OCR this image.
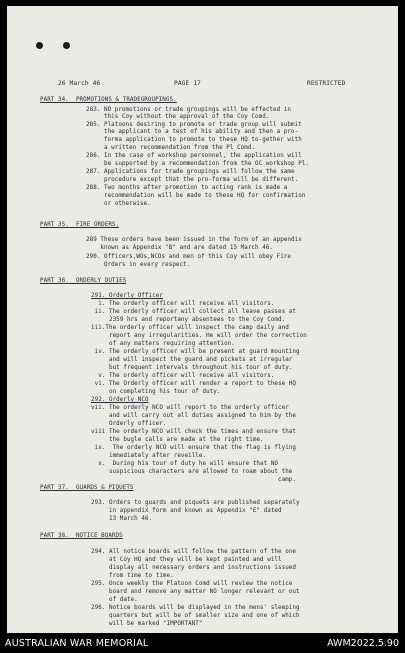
26 March 46	PAGE 17	RESTRICTED
PART 34.  PROMOTIONS & TRADEGROUPINGS.
283. NO promotions or trade groupings will be effected in
this Coy without the approval of the Coy Comd.
285. Platoons desiring to promote or trade group will submit
the applicant to a test of his ability and then a pro-
forma application to promote to these HQ to-gether with
a written recommendation from the Pl Comd.
286. In the case of workshop personnel, the application will
be supported by a recommendation from the OC workshop Pl.
287. Applications for trade groupings will follow the same
procedure except that the pro-forma will be different.
288. Two months after promotion to acting rank is made a
recommendation will be made to these HQ for confirmation
or otherwise.
PART 35.  FIRE ORDERS.
289 These orders have been issued in the form of an appendix
known as Appendix "B" and are dated 15 March 46.
290. Officers,WOs,NCOs and men of this Coy will obey Fire
Orders in every respect.
PART 36.  ORDERLY DUTIES
291. Orderly Officer
i. The orderly officer will receive all visitors.
ii. The orderly officer will collect all leave passes at
2359 hrs and reportany absentees to the Coy Comd.
iii.The orderly officer will inspect the camp daily and
report any irregularities. He will order the correction
of any matters requiring attention.
iv. The orderly officer will be present at guard mounting
and will inspect the guard and pickets at irregular
but frequent intervals throughout his tour of duty.
v. The orderly officer will receive all visitors.
vi. The Orderly officer will render a report to these HQ
on completing his tour of duty.
292. Orderly NCO
vii. The orderly NCO will report to the orderly officer
and will carry out all duties assigned to him by the
Orderly officer.
viii The orderly NCO will check the times and ensure that
the bugle calls are made at the right time.
ix.  The orderly NCO will ensure that the flag is flying
immediately after reveille.
x.  During his tour of duty he will ensure that NO
suspicious characters are allowed to roam about the
camp.
PART 37.  GUARDS & PIQUETS
293. Orders to guards and piquets are published separately
in appendix form and known as Appendix "E" dated
13 March 46.
PART 38.  NOTICE BOARDS
294. All notice boards will follow the pattern of the one
at Coy HQ and they will be kept painted and will
display all necessary orders and instructions issued
from time to time.
295. Once weekly the Platoon Comd will review the notice
board and remove any matter NO longer relevant or out
of date.
296. Notice boards will be displayed in the mens' sleeping
quarters but will be of smaller size and one of which
will be marked "IMPORTANT"
AUSTRALIAN WAR MEMORIAL	AWM2022.5.90
